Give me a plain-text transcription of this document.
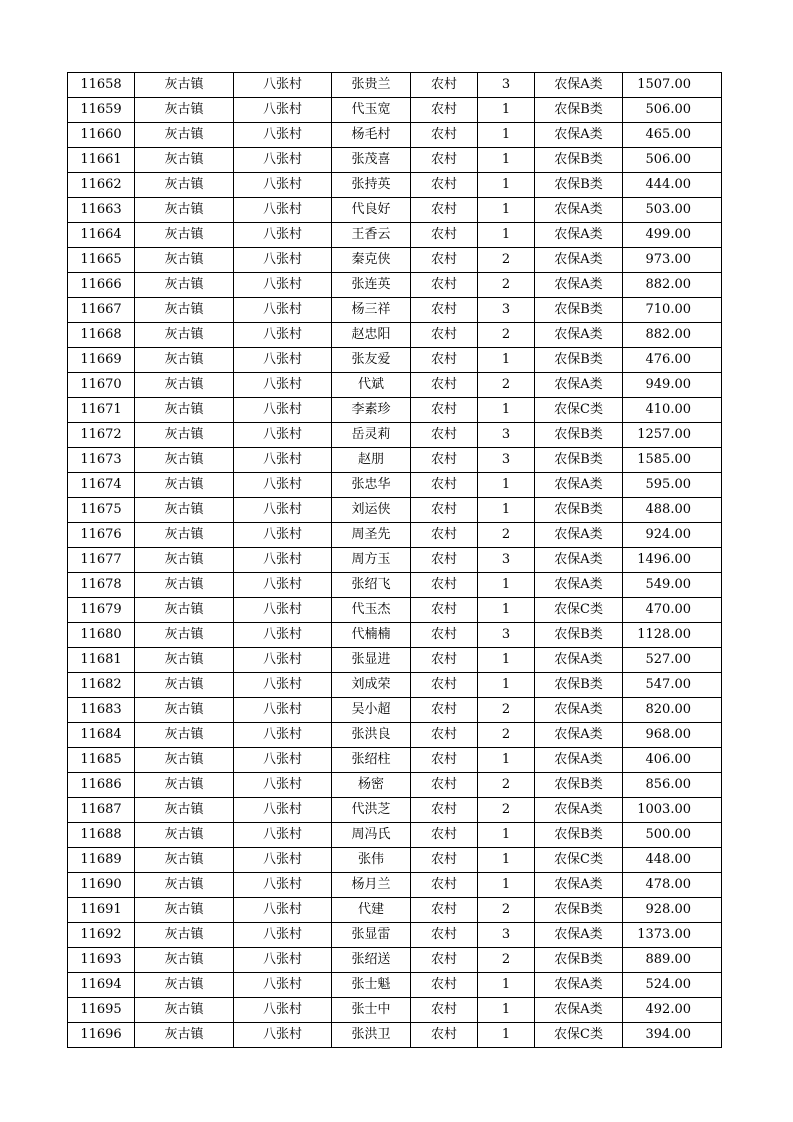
11658	灰古镇	八张村	张贵兰	农村	3	农保A类	1507.00
11659	灰古镇	八张村	代玉宽	农村	1	农保B类	506.00
11660	灰古镇	八张村	杨毛村	农村	1	农保A类	465.00
11661	灰古镇	八张村	张茂喜	农村	1	农保B类	506.00
11662	灰古镇	八张村	张持英	农村	1	农保B类	444.00
11663	灰古镇	八张村	代良好	农村	1	农保A类	503.00
11664	灰古镇	八张村	王香云	农村	1	农保A类	499.00
11665	灰古镇	八张村	秦克侠	农村	2	农保A类	973.00
11666	灰古镇	八张村	张连英	农村	2	农保A类	882.00
11667	灰古镇	八张村	杨三祥	农村	3	农保B类	710.00
11668	灰古镇	八张村	赵忠阳	农村	2	农保A类	882.00
11669	灰古镇	八张村	张友爱	农村	1	农保B类	476.00
11670	灰古镇	八张村	代斌	农村	2	农保A类	949.00
11671	灰古镇	八张村	李素珍	农村	1	农保C类	410.00
11672	灰古镇	八张村	岳灵莉	农村	3	农保B类	1257.00
11673	灰古镇	八张村	赵朋	农村	3	农保B类	1585.00
11674	灰古镇	八张村	张忠华	农村	1	农保A类	595.00
11675	灰古镇	八张村	刘运侠	农村	1	农保B类	488.00
11676	灰古镇	八张村	周圣先	农村	2	农保A类	924.00
11677	灰古镇	八张村	周方玉	农村	3	农保A类	1496.00
11678	灰古镇	八张村	张绍飞	农村	1	农保A类	549.00
11679	灰古镇	八张村	代玉杰	农村	1	农保C类	470.00
11680	灰古镇	八张村	代楠楠	农村	3	农保B类	1128.00
11681	灰古镇	八张村	张显进	农村	1	农保A类	527.00
11682	灰古镇	八张村	刘成荣	农村	1	农保B类	547.00
11683	灰古镇	八张村	吴小超	农村	2	农保A类	820.00
11684	灰古镇	八张村	张洪良	农村	2	农保A类	968.00
11685	灰古镇	八张村	张绍柱	农村	1	农保A类	406.00
11686	灰古镇	八张村	杨密	农村	2	农保B类	856.00
11687	灰古镇	八张村	代洪芝	农村	2	农保A类	1003.00
11688	灰古镇	八张村	周冯氏	农村	1	农保B类	500.00
11689	灰古镇	八张村	张伟	农村	1	农保C类	448.00
11690	灰古镇	八张村	杨月兰	农村	1	农保A类	478.00
11691	灰古镇	八张村	代建	农村	2	农保B类	928.00
11692	灰古镇	八张村	张显雷	农村	3	农保A类	1373.00
11693	灰古镇	八张村	张绍送	农村	2	农保B类	889.00
11694	灰古镇	八张村	张士魁	农村	1	农保A类	524.00
11695	灰古镇	八张村	张士中	农村	1	农保A类	492.00
11696	灰古镇	八张村	张洪卫	农村	1	农保C类	394.00
